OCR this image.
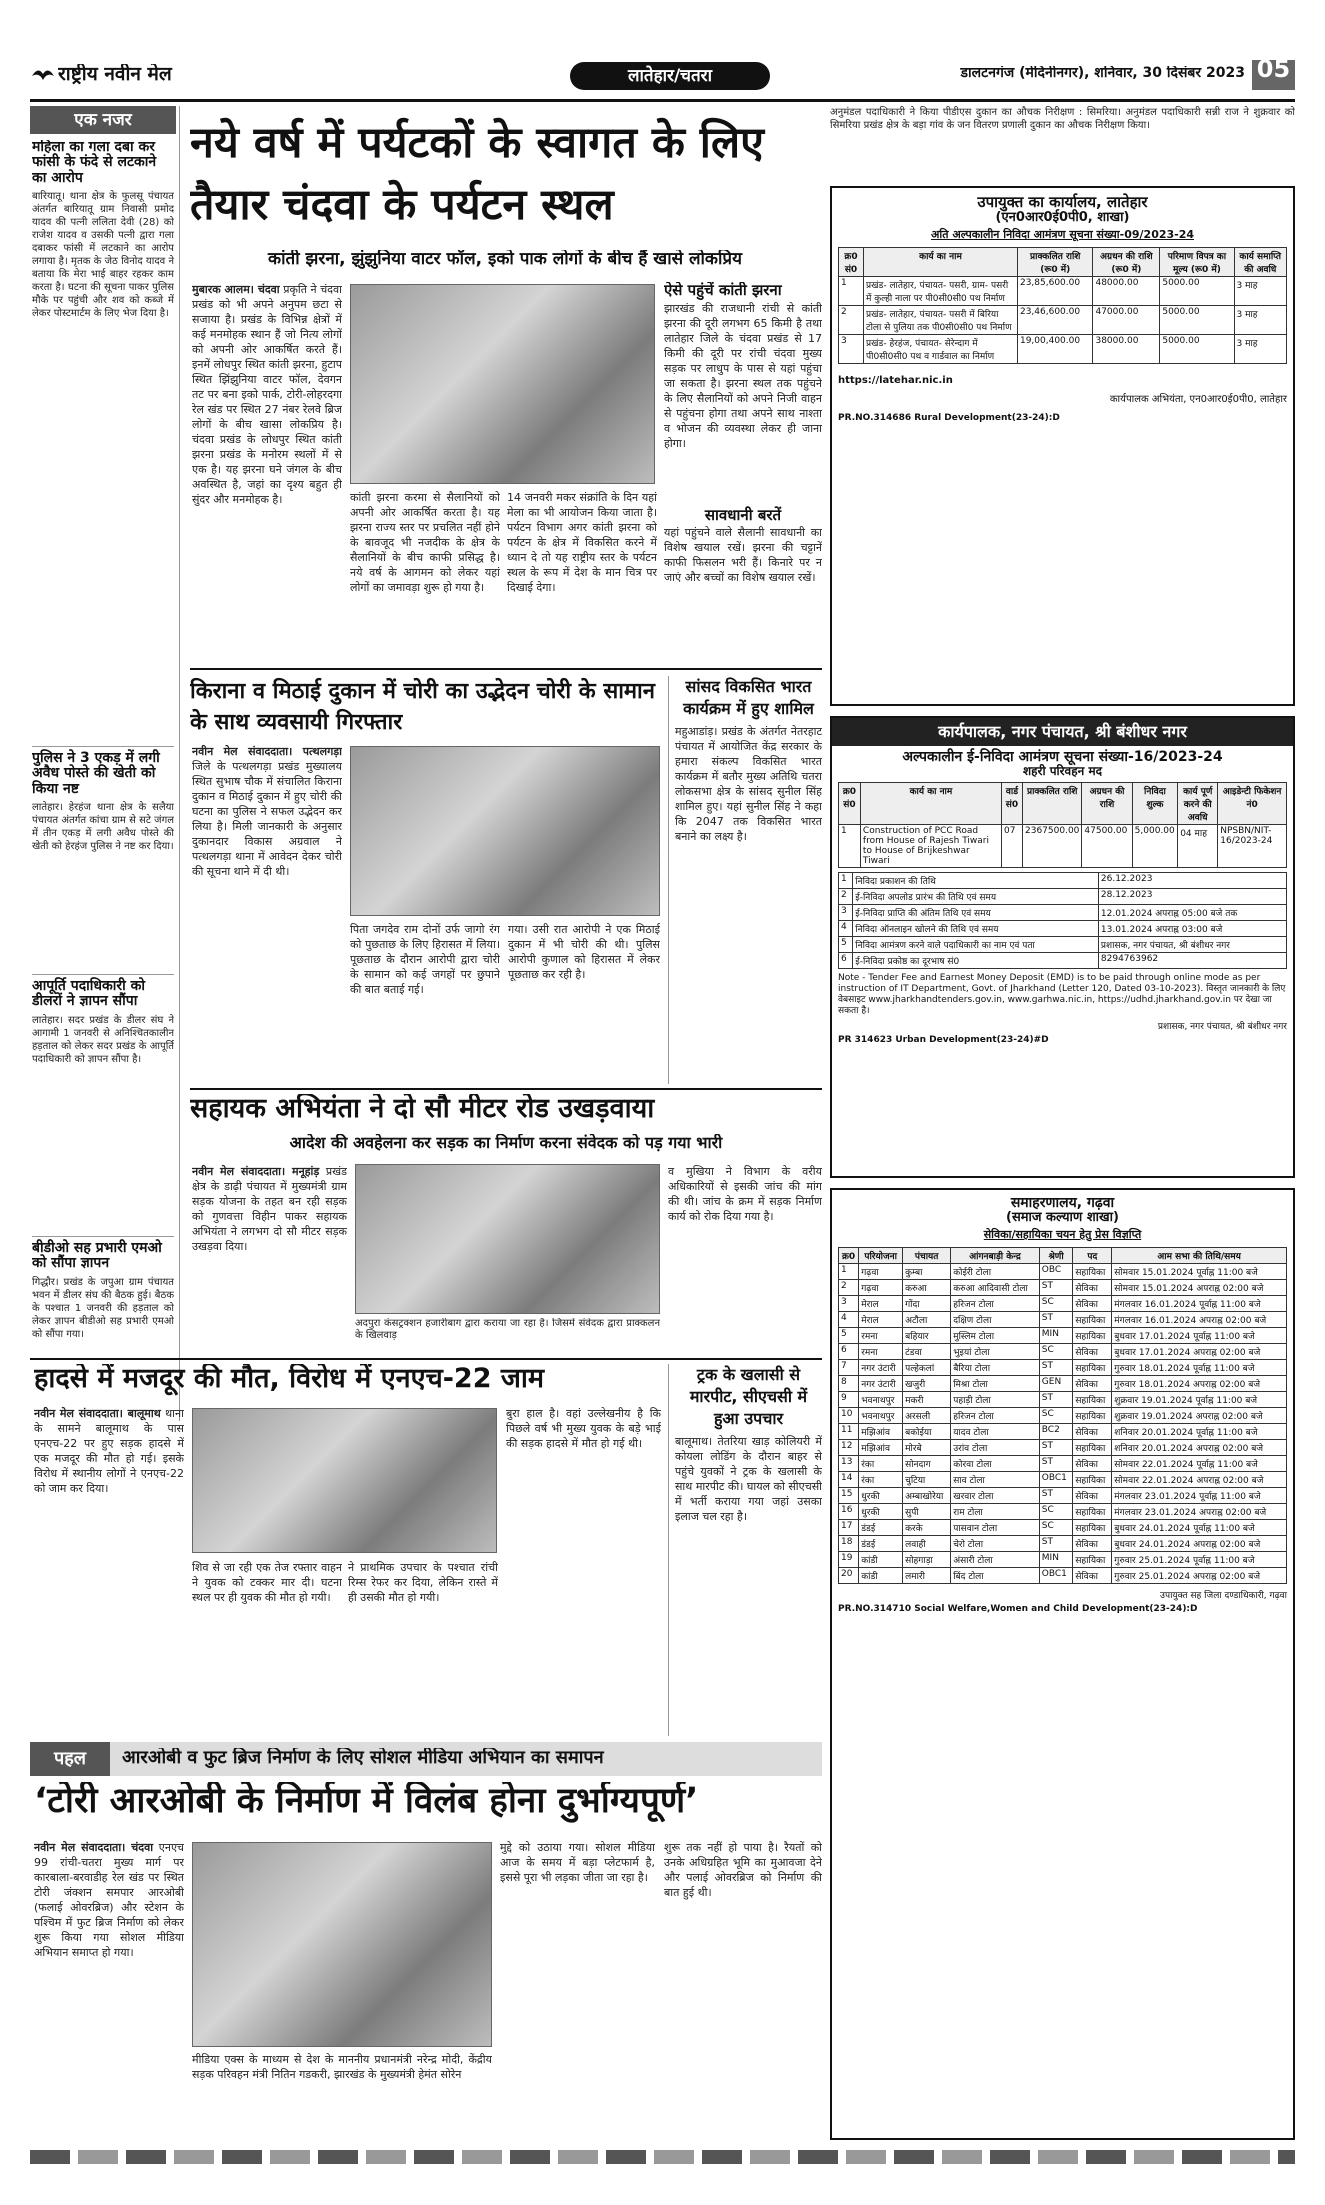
राष्ट्रीय नवीन मेल	लातेहार/चतरा	डालटनगंज (मेदिनीनगर), शनिवार, 30 दिसंबर 2023 05
एक नजर
महिला का गला दबा कर फांसी के फंदे से लटकाने का आरोप
बारियातू। थाना क्षेत्र के फुलसू पंचायत अंतर्गत बारियातू ग्राम निवासी प्रमोद यादव की पत्नी ललिता देवी (28) को राजेश यादव व उसकी पत्नी द्वारा गला दबाकर फांसी में लटकाने का आरोप लगाया है। मृतक के जेठ विनोद यादव ने बताया कि मेरा भाई बाहर रहकर काम करता है। घटना की सूचना पाकर पुलिस मौके पर पहुंची और शव को कब्जे में लेकर पोस्टमार्टम के लिए भेज दिया है।
पुलिस ने 3 एकड़ में लगी अवैध पोस्ते की खेती को किया नष्ट
लातेहार। हेरहंज थाना क्षेत्र के सलैया पंचायत अंतर्गत कांचा ग्राम से सटे जंगल में तीन एकड़ में लगी अवैध पोस्ते की खेती को हेरहंज पुलिस ने नष्ट कर दिया।
आपूर्ति पदाधिकारी को डीलरों ने ज्ञापन सौंपा
लातेहार। सदर प्रखंड के डीलर संघ ने आगामी 1 जनवरी से अनिश्चितकालीन हड़ताल को लेकर सदर प्रखंड के आपूर्ति पदाधिकारी को ज्ञापन सौंपा है।
बीडीओ सह प्रभारी एमओ को सौंपा ज्ञापन
गिद्धौर। प्रखंड के जपुआ ग्राम पंचायत भवन में डीलर संघ की बैठक हुई। बैठक के पश्चात 1 जनवरी की हड़ताल को लेकर ज्ञापन बीडीओ सह प्रभारी एमओ को सौंपा गया।
नये वर्ष में पर्यटकों के स्वागत के लिए तैयार चंदवा के पर्यटन स्थल
कांती झरना, झुंझुनिया वाटर फॉल, इको पाक लोगों के बीच हैं खासे लोकप्रिय
मुबारक आलम। चंदवा प्रकृति ने चंदवा प्रखंड को भी अपने अनुपम छटा से सजाया है। प्रखंड के विभिन्न क्षेत्रों में कई मनमोहक स्थान हैं जो नित्य लोगों को अपनी ओर आकर्षित करते हैं। इनमें लोधपुर स्थित कांती झरना, हुटाप स्थित झिंझुनिया वाटर फॉल, देवगन तट पर बना इको पार्क, टोरी-लोहरदगा रेल खंड पर स्थित 27 नंबर रेलवे ब्रिज लोगों के बीच खासा लोकप्रिय है। चंदवा प्रखंड के लोधपुर स्थित कांती झरना प्रखंड के मनोरम स्थलों में से एक है। यह झरना घने जंगल के बीच अवस्थित है, जहां का दृश्य बहुत ही सुंदर और मनमोहक है।	कांती झरना करमा से सैलानियों को अपनी ओर आकर्षित करता है। यह झरना राज्य स्तर पर प्रचलित नहीं होने के बावजूद भी नजदीक के क्षेत्र के सैलानियों के बीच काफी प्रसिद्ध है। नये वर्ष के आगमन को लेकर यहां लोगों का जमावड़ा शुरू हो गया है।
14 जनवरी मकर संक्रांति के दिन यहां मेला का भी आयोजन किया जाता है। पर्यटन विभाग अगर कांती झरना को पर्यटन के क्षेत्र में विकसित करने में ध्यान दे तो यह राष्ट्रीय स्तर के पर्यटन स्थल के रूप में देश के मान चित्र पर दिखाई देगा।
ऐसे पहुंचें कांती झरना
झारखंड की राजधानी रांची से कांती झरना की दूरी लगभग 65 किमी है तथा लातेहार जिले के चंदवा प्रखंड से 17 किमी की दूरी पर रांची चंदवा मुख्य सड़क पर लाधुप के पास से यहां पहुंचा जा सकता है। झरना स्थल तक पहुंचने के लिए सैलानियों को अपने निजी वाहन से पहुंचना होगा तथा अपने साथ नाश्ता व भोजन की व्यवस्था लेकर ही जाना होगा।
सावधानी बरतें
यहां पहुंचने वाले सैलानी सावधानी का विशेष खयाल रखें। झरना की चट्टानें काफी फिसलन भरी हैं। किनारे पर न जाएं और बच्चों का विशेष खयाल रखें।
किराना व मिठाई दुकान में चोरी का उद्भेदन चोरी के सामान के साथ व्यवसायी गिरफ्तार
नवीन मेल संवाददाता। पत्थलगड़ा जिले के पत्थलगड़ा प्रखंड मुख्यालय स्थित सुभाष चौक में संचालित किराना दुकान व मिठाई दुकान में हुए चोरी की घटना का पुलिस ने सफल उद्भेदन कर लिया है। मिली जानकारी के अनुसार दुकानदार विकास अग्रवाल ने पत्थलगड़ा थाना में आवेदन देकर चोरी की सूचना थाने में दी थी।
पिता जगदेव राम दोनों उर्फ जागो रंग को पुछताछ के लिए हिरासत में लिया। पूछताछ के दौरान आरोपी द्वारा चोरी के सामान को कई जगहों पर छुपाने की बात बताई गई।
गया। उसी रात आरोपी ने एक मिठाई दुकान में भी चोरी की थी। पुलिस आरोपी कुणाल को हिरासत में लेकर पूछताछ कर रही है।
सांसद विकसित भारत कार्यक्रम में हुए शामिल
महुआडांड़। प्रखंड के अंतर्गत नेतरहाट पंचायत में आयोजित केंद्र सरकार के हमारा संकल्प विकसित भारत कार्यक्रम में बतौर मुख्य अतिथि चतरा लोकसभा क्षेत्र के सांसद सुनील सिंह शामिल हुए। यहां सुनील सिंह ने कहा कि 2047 तक विकसित भारत बनाने का लक्ष्य है।
सहायक अभियंता ने दो सौ मीटर रोड उखड़वाया
आदेश की अवहेलना कर सड़क का निर्माण करना संवेदक को पड़ गया भारी
नवीन मेल संवाददाता। मनूहांड़ प्रखंड क्षेत्र के डाढ़ी पंचायत में मुख्यमंत्री ग्राम सड़क योजना के तहत बन रही सड़क को गुणवत्ता विहीन पाकर सहायक अभियंता ने लगभग दो सौ मीटर सड़क उखड़वा दिया।
अदपुरा कंसट्रक्शन हजारीबाग द्वारा कराया जा रहा है। जिसमें संवेदक द्वारा प्राक्कलन के खिलवाड़
व मुखिया ने विभाग के वरीय अधिकारियों से इसकी जांच की मांग की थी। जांच के क्रम में सड़क निर्माण कार्य को रोक दिया गया है।
हादसे में मजदूर की मौत, विरोध में एनएच-22 जाम
नवीन मेल संवाददाता। बालूमाथ थाना के सामने बालूमाथ के पास एनएच-22 पर हुए सड़क हादसे में एक मजदूर की मौत हो गई। इसके विरोध में स्थानीय लोगों ने एनएच-22 को जाम कर दिया।
शिव से जा रही एक तेज रफ्तार वाहन ने युवक को टक्कर मार दी। घटना स्थल पर ही युवक की मौत हो गयी।
ने प्राथमिक उपचार के पश्चात रांची रिम्स रेफर कर दिया, लेकिन रास्ते में ही उसकी मौत हो गयी।
बुरा हाल है। वहां उल्लेखनीय है कि पिछले वर्ष भी मुख्य युवक के बड़े भाई की सड़क हादसे में मौत हो गई थी।
ट्रक के खलासी से मारपीट, सीएचसी में हुआ उपचार
बालूमाथ। तेतरिया खाड़ कोलियरी में कोयला लोडिंग के दौरान बाहर से पहुंचे युवकों ने ट्रक के खलासी के साथ मारपीट की। घायल को सीएचसी में भर्ती कराया गया जहां उसका इलाज चल रहा है।
पहल	आरओबी व फुट ब्रिज निर्माण के लिए सोशल मीडिया अभियान का समापन
‘टोरी आरओबी के निर्माण में विलंब होना दुर्भाग्यपूर्ण’
नवीन मेल संवाददाता। चंदवा एनएच 99 रांची-चतरा मुख्य मार्ग पर कारबाला-बरवाडीह रेल खंड पर स्थित टोरी जंक्शन समपार आरओबी (फलाई ओवरब्रिज) और स्टेशन के पश्चिम में फुट ब्रिज निर्माण को लेकर शुरू किया गया सोशल मीडिया अभियान समाप्त हो गया।
मीडिया एक्स के माध्यम से देश के माननीय प्रधानमंत्री नरेन्द्र मोदी, केंद्रीय सड़क परिवहन मंत्री नितिन गडकरी, झारखंड के मुख्यमंत्री हेमंत सोरेन
मुद्दे को उठाया गया। सोशल मीडिया आज के समय में बड़ा प्लेटफार्म है, इससे पूरा भी लड़का जीता जा रहा है।
शुरू तक नहीं हो पाया है। रैयतों को उनके अधिग्रहित भूमि का मुआवजा देने और पलाई ओवरब्रिज को निर्माण की बात हुई थी।
अनुमंडल पदाधिकारी ने किया पीडीएस दुकान का औचक निरीक्षण : सिमरिया। अनुमंडल पदाधिकारी सन्नी राज ने शुक्रवार को सिमरिया प्रखंड क्षेत्र के बड़ा गांव के जन वितरण प्रणाली दुकान का औचक निरीक्षण किया।
उपायुक्त का कार्यालय, लातेहार
(एन0आर0ई0पी0, शाखा)
अति अल्पकालीन निविदा आमंत्रण सूचना संख्या-09/2023-24
क्र0 सं0	कार्य का नाम	प्राक्कलित राशि (रू0 में)	अग्रधन की राशि (रू0 में)	परिमाण विपत्र का मूल्य (रू0 में)	कार्य समाप्ति की अवधि
1	प्रखंड- लातेहार, पंचायत- पसरी, ग्राम- पसरी में कुल्ही नाला पर पी0सी0सी0 पथ निर्माण	23,85,600.00	48000.00	5000.00	3 माह
2	प्रखंड- लातेहार, पंचायत- पसरी में बिरिया टोला से पुलिया तक पी0सी0सी0 पथ निर्माण	23,46,600.00	47000.00	5000.00	3 माह
3	प्रखंड- हेरहंज, पंचायत- सेरेन्दाग में पी0सी0सी0 पथ व गार्डवाल का निर्माण	19,00,400.00	38000.00	5000.00	3 माह
https://latehar.nic.in
कार्यपालक अभियंता, एन0आर0ई0पी0, लातेहार
PR.NO.314686 Rural Development(23-24):D
कार्यपालक, नगर पंचायत, श्री बंशीधर नगर
अल्पकालीन ई-निविदा आमंत्रण सूचना संख्या-16/2023-24
शहरी परिवहन मद
क्र0 सं0	कार्य का नाम	वार्ड सं0	प्राक्कलित राशि	अग्रधन की राशि	निविदा शुल्क	कार्य पूर्ण करने की अवधि	आइडेन्टी फिकेशन नं0
1	Construction of PCC Road from House of Rajesh Tiwari to House of Brijkeshwar Tiwari	07	2367500.00	47500.00	5,000.00	04 माह	NPSBN/NIT-16/2023-24
1	निविदा प्रकाशन की तिथि	26.12.2023
2	ई-निविदा अपलोड प्रारंभ की तिथि एवं समय	28.12.2023
3	ई-निविदा प्राप्ति की अंतिम तिथि एवं समय	12.01.2024 अपराह्न 05:00 बजे तक
4	निविदा ऑनलाइन खोलने की तिथि एवं समय	13.01.2024 अपराह्न 03:00 बजे
5	निविदा आमंत्रण करने वाले पदाधिकारी का नाम एवं पता	प्रशासक, नगर पंचायत, श्री बंशीधर नगर
6	ई-निविदा प्रकोष्ठ का दूरभाष सं0	8294763962
Note - Tender Fee and Earnest Money Deposit (EMD) is to be paid through online mode as per instruction of IT Department, Govt. of Jharkhand (Letter 120, Dated 03-10-2023). विस्तृत जानकारी के लिए वेबसाइट www.jharkhandtenders.gov.in, www.garhwa.nic.in, https://udhd.jharkhand.gov.in पर देखा जा सकता है।
प्रशासक, नगर पंचायत, श्री बंशीधर नगर
PR 314623 Urban Development(23-24)#D
समाहरणालय, गढ़वा
(समाज कल्याण शाखा)
सेविका/सहायिका चयन हेतु प्रेस विज्ञप्ति
क्र0	परियोजना	पंचायत	आंगनबाड़ी केन्द्र	श्रेणी	पद	आम सभा की तिथि/समय
1	गढ़वा	कुम्बा	कोईरी टोला	OBC	सहायिका	सोमवार 15.01.2024 पूर्वाह्न 11:00 बजे
2	गढ़वा	करुआ	करुआ आदिवासी टोला	ST	सेविका	सोमवार 15.01.2024 अपराह्न 02:00 बजे
3	मेराल	गोंदा	हरिजन टोला	SC	सेविका	मंगलवार 16.01.2024 पूर्वाह्न 11:00 बजे
4	मेराल	अटौला	दक्षिण टोला	ST	सहायिका	मंगलवार 16.01.2024 अपराह्न 02:00 बजे
5	रमना	बहियार	मुस्लिम टोला	MIN	सहायिका	बुधवार 17.01.2024 पूर्वाह्न 11:00 बजे
6	रमना	टंडवा	भुइयां टोला	SC	सेविका	बुधवार 17.01.2024 अपराह्न 02:00 बजे
7	नगर उंटारी	पल्हेकलां	बैरिया टोला	ST	सहायिका	गुरुवार 18.01.2024 पूर्वाह्न 11:00 बजे
8	नगर उंटारी	खजुरी	मिश्रा टोला	GEN	सेविका	गुरुवार 18.01.2024 अपराह्न 02:00 बजे
9	भवनाथपुर	मकरी	पहाड़ी टोला	ST	सहायिका	शुक्रवार 19.01.2024 पूर्वाह्न 11:00 बजे
10	भवनाथपुर	अरसली	हरिजन टोला	SC	सहायिका	शुक्रवार 19.01.2024 अपराह्न 02:00 बजे
11	मझिआंव	बकोईया	यादव टोला	BC2	सेविका	शनिवार 20.01.2024 पूर्वाह्न 11:00 बजे
12	मझिआंव	मोरबे	उरांव टोला	ST	सहायिका	शनिवार 20.01.2024 अपराह्न 02:00 बजे
13	रंका	सोनदाग	कोरवा टोला	ST	सेविका	सोमवार 22.01.2024 पूर्वाह्न 11:00 बजे
14	रंका	चुटिया	साव टोला	OBC1	सहायिका	सोमवार 22.01.2024 अपराह्न 02:00 बजे
15	धुरकी	अम्बाखोरेया	खरवार टोला	ST	सेविका	मंगलवार 23.01.2024 पूर्वाह्न 11:00 बजे
16	धुरकी	सुपी	राम टोला	SC	सहायिका	मंगलवार 23.01.2024 अपराह्न 02:00 बजे
17	डंडई	करके	पासवान टोला	SC	सहायिका	बुधवार 24.01.2024 पूर्वाह्न 11:00 बजे
18	डंडई	लवाही	चेरो टोला	ST	सेविका	बुधवार 24.01.2024 अपराह्न 02:00 बजे
19	कांडी	सोहगाड़ा	अंसारी टोला	MIN	सहायिका	गुरुवार 25.01.2024 पूर्वाह्न 11:00 बजे
20	कांडी	लमारी	बिंद टोला	OBC1	सेविका	गुरुवार 25.01.2024 अपराह्न 02:00 बजे
उपायुक्त सह जिला दण्डाधिकारी, गढ़वा
PR.NO.314710 Social Welfare,Women and Child Development(23-24):D
